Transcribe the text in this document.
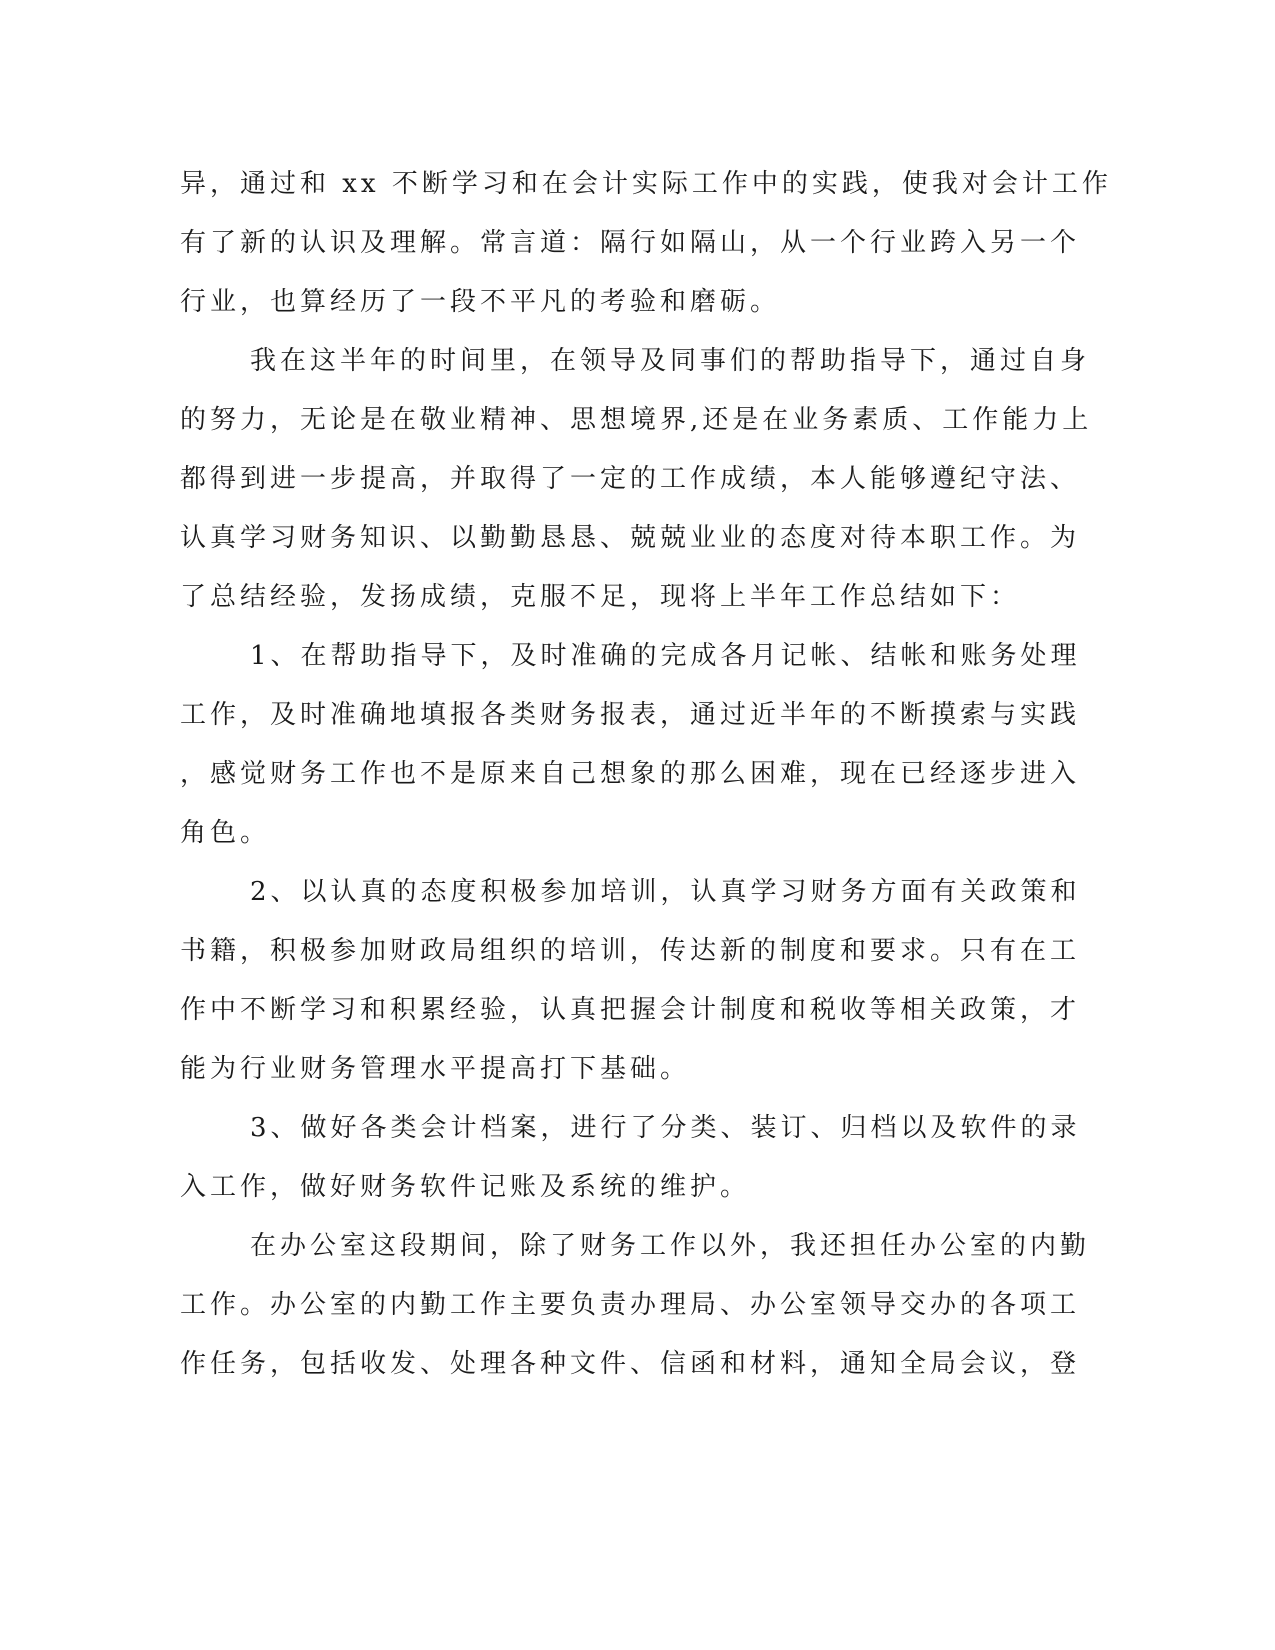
异，通过和 xx 不断学习和在会计实际工作中的实践，使我对会计工作
有了新的认识及理解。常言道：隔行如隔山，从一个行业跨入另一个
行业，也算经历了一段不平凡的考验和磨砺。
我在这半年的时间里，在领导及同事们的帮助指导下，通过自身
的努力，无论是在敬业精神、思想境界,还是在业务素质、工作能力上
都得到进一步提高，并取得了一定的工作成绩，本人能够遵纪守法、
认真学习财务知识、以勤勤恳恳、兢兢业业的态度对待本职工作。为
了总结经验，发扬成绩，克服不足，现将上半年工作总结如下：
1、在帮助指导下，及时准确的完成各月记帐、结帐和账务处理
工作，及时准确地填报各类财务报表，通过近半年的不断摸索与实践
，感觉财务工作也不是原来自己想象的那么困难，现在已经逐步进入
角色。
2、以认真的态度积极参加培训，认真学习财务方面有关政策和
书籍，积极参加财政局组织的培训，传达新的制度和要求。只有在工
作中不断学习和积累经验，认真把握会计制度和税收等相关政策，才
能为行业财务管理水平提高打下基础。
3、做好各类会计档案，进行了分类、装订、归档以及软件的录
入工作，做好财务软件记账及系统的维护。
在办公室这段期间，除了财务工作以外，我还担任办公室的内勤
工作。办公室的内勤工作主要负责办理局、办公室领导交办的各项工
作任务，包括收发、处理各种文件、信函和材料，通知全局会议，登
